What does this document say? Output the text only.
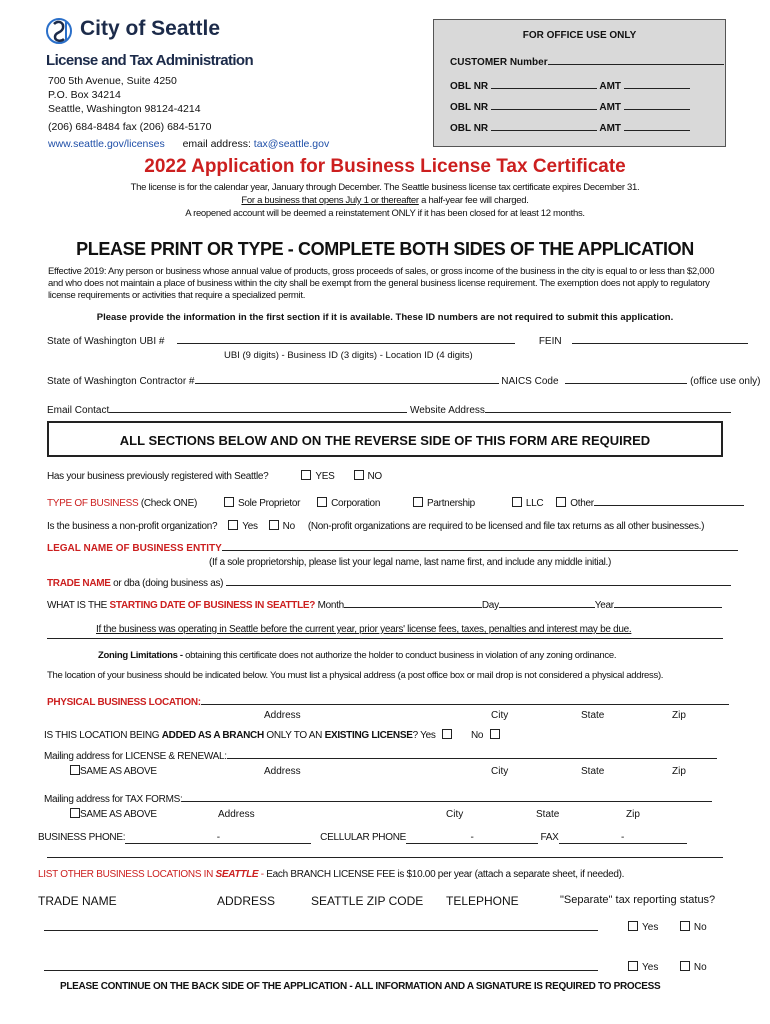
City of Seattle
License and Tax Administration
700 5th Avenue, Suite 4250
P.O. Box 34214
Seattle, Washington 98124-4214
(206) 684-8484 fax (206) 684-5170
www.seattle.gov/licenses email address: tax@seattle.gov
FOR OFFICE USE ONLY
CUSTOMER Number
OBL NR	AMT
OBL NR	AMT
OBL NR	AMT
2022 Application for Business License Tax Certificate
The license is for the calendar year, January through December. The Seattle business license tax certificate expires December 31.
For a business that opens July 1 or thereafter a half-year fee will charged.
A reopened account will be deemed a reinstatement ONLY if it has been closed for at least 12 months.
PLEASE PRINT OR TYPE - COMPLETE BOTH SIDES OF THE APPLICATION
Effective 2019: Any person or business whose annual value of products, gross proceeds of sales, or gross income of the business in the city is equal to or less than $2,000 and who does not maintain a place of business within the city shall be exempt from the general business license requirement. The exemption does not apply to regulatory license requirements or activities that require a specialized permit.
Please provide the information in the first section if it is available. These ID numbers are not required to submit this application.
State of Washington UBI #	FEIN
UBI (9 digits) - Business ID (3 digits) - Location ID (4 digits)
State of Washington Contractor #	NAICS Code	(office use only)
Email Contact	Website Address
ALL SECTIONS BELOW AND ON THE REVERSE SIDE OF THIS FORM ARE REQUIRED
Has your business previously registered with Seattle?	YES	NO
TYPE OF BUSINESS (Check ONE)	Sole Proprietor	Corporation	Partnership	LLC	Other
Is the business a non-profit organization? Yes No (Non-profit organizations are required to be licensed and file tax returns as all other businesses.)
LEGAL NAME OF BUSINESS ENTITY
(If a sole proprietorship, please list your legal name, last name first, and include any middle initial.)
TRADE NAME or dba (doing business as)
WHAT IS THE STARTING DATE OF BUSINESS IN SEATTLE? Month	Day	Year
If the business was operating in Seattle before the current year, prior years' license fees, taxes, penalties and interest may be due.
Zoning Limitations - obtaining this certificate does not authorize the holder to conduct business in violation of any zoning ordinance.
The location of your business should be indicated below. You must list a physical address (a post office box or mail drop is not considered a physical address).
PHYSICAL BUSINESS LOCATION:
Address	City	State	Zip
IS THIS LOCATION BEING ADDED AS A BRANCH ONLY TO AN EXISTING LICENSE? Yes	No
Mailing address for LICENSE & RENEWAL:
SAME AS ABOVE	Address	City	State	Zip
Mailing address for TAX FORMS:
SAME AS ABOVE	Address	City	State	Zip
BUSINESS PHONE:	-	CELLULAR PHONE	-	FAX	-
LIST OTHER BUSINESS LOCATIONS IN SEATTLE - Each BRANCH LICENSE FEE is $10.00 per year (attach a separate sheet, if needed).
TRADE NAME	ADDRESS	SEATTLE ZIP CODE TELEPHONE	"Separate" tax reporting status?
Yes	No
Yes	No
PLEASE CONTINUE ON THE BACK SIDE OF THE APPLICATION - ALL INFORMATION AND A SIGNATURE IS REQUIRED TO PROCESS
